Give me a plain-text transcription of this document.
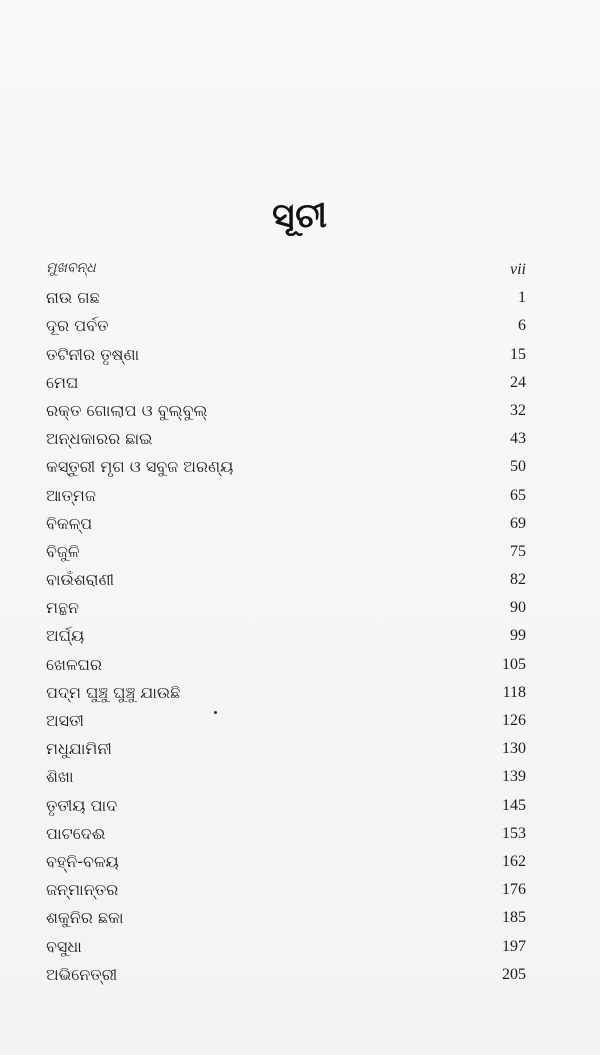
ସୂଚୀ
ମୁଖବନ୍ଧ	vii
ନାଉ ଗଛ	1
ଦୂର ପର୍ବତ	6
ତଟିନୀର ତୃଷ୍ଣା	15
ମେଘ	24
ରକ୍ତ ଗୋଲାପ ଓ ବୁଲ୍‌ବୁଲ୍	32
ଅନ୍ଧକାରର ଛାଇ	43
କସ୍ତୁରୀ ମୃଗ ଓ ସବୁଜ ଅରଣ୍ୟ	50
ଆତ୍ମଜ	65
ବିକଳ୍ପ	69
ବିଜୁଳି	75
ବାଉଁଶରାଣୀ	82
ମନ୍ଥନ	90
ଅର୍ଘ୍ୟ	99
ଖେଳଘର	105
ପଦ୍ମ ଘୁଞ୍ଚୁ ଘୁଞ୍ଚୁ ଯାଉଛି	118
ଅସତୀ	126
ମଧୁଯାମିନୀ	130
ଶିଖା	139
ତୃତୀୟ ପାଦ	145
ପାଟଦେଈ	153
ବହ୍ନି-ବଳୟ	162
ଜନ୍ମାନ୍ତର	176
ଶକୁନିର ଛକା	185
ବସୁଧା	197
ଅଭିନେତ୍ରୀ	205
